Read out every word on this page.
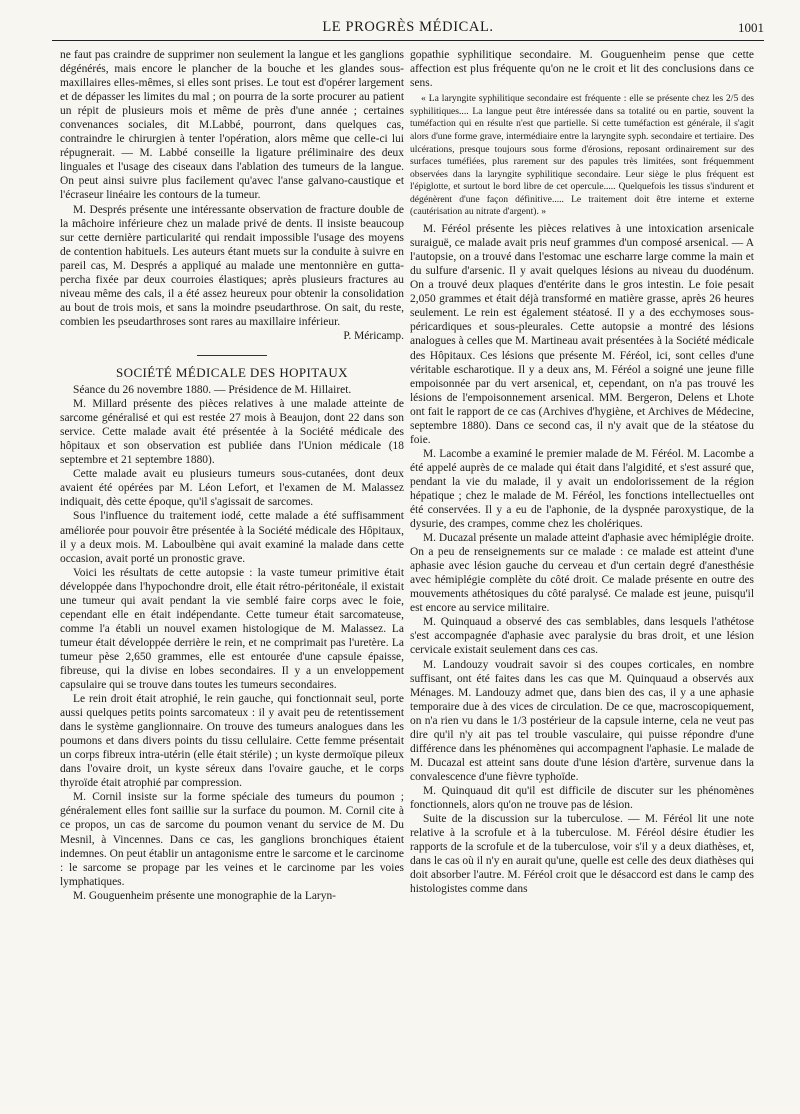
LE PROGRÈS MÉDICAL.	1001

ne faut pas craindre de supprimer non seulement la langue et les ganglions dégénérés, mais encore le plancher de la bouche et les glandes sous-maxillaires elles-mêmes, si elles sont prises. Le tout est d'opérer largement et de dépasser les limites du mal ; on pourra de la sorte procurer au patient un répit de plusieurs mois et même de près d'une année ; certaines convenances sociales, dit M.Labbé, pourront, dans quelques cas, contraindre le chirurgien à tenter l'opération, alors même que celle-ci lui répugnerait. — M. Labbé conseille la ligature préliminaire des deux linguales et l'usage des ciseaux dans l'ablation des tumeurs de la langue. On peut ainsi suivre plus facilement qu'avec l'anse galvano-caustique et l'écraseur linéaire les contours de la tumeur.

M. Després présente une intéressante observation de fracture double de la mâchoire inférieure chez un malade privé de dents. Il insiste beaucoup sur cette dernière particularité qui rendait impossible l'usage des moyens de contention habituels. Les auteurs étant muets sur la conduite à suivre en pareil cas, M. Després a appliqué au malade une mentonnière en gutta-percha fixée par deux courroies élastiques; après plusieurs fractures au niveau même des cals, il a été assez heureux pour obtenir la consolidation au bout de trois mois, et sans la moindre pseudarthrose. On sait, du reste, combien les pseudarthroses sont rares au maxillaire inférieur.

P. Méricamp.

SOCIÉTÉ MÉDICALE DES HOPITAUX

Séance du 26 novembre 1880. — Présidence de M. Hillairet.

M. Millard présente des pièces relatives à une malade atteinte de sarcome généralisé et qui est restée 27 mois à Beaujon, dont 22 dans son service. Cette malade avait été présentée à la Société médicale des hôpitaux et son observation est publiée dans l'Union médicale (18 septembre et 21 septembre 1880).

Cette malade avait eu plusieurs tumeurs sous-cutanées, dont deux avaient été opérées par M. Léon Lefort, et l'examen de M. Malassez indiquait, dès cette époque, qu'il s'agissait de sarcomes.

Sous l'influence du traitement iodé, cette malade a été suffisamment améliorée pour pouvoir être présentée à la Société médicale des Hôpitaux, il y a deux mois. M. Laboulbène qui avait examiné la malade dans cette occasion, avait porté un pronostic grave.

Voici les résultats de cette autopsie : la vaste tumeur primitive était développée dans l'hypochondre droit, elle était rétro-péritonéale, il existait une tumeur qui avait pendant la vie semblé faire corps avec le foie, cependant elle en était indépendante. Cette tumeur était sarcomateuse, comme l'a établi un nouvel examen histologique de M. Malassez. La tumeur était développée derrière le rein, et ne comprimait pas l'uretère. La tumeur pèse 2,650 grammes, elle est entourée d'une capsule épaisse, fibreuse, qui la divise en lobes secondaires. Il y a un enveloppement capsulaire qui se trouve dans toutes les tumeurs secondaires.

Le rein droit était atrophié, le rein gauche, qui fonctionnait seul, porte aussi quelques petits points sarcomateux : il y avait peu de retentissement dans le système ganglionnaire. On trouve des tumeurs analogues dans les poumons et dans divers points du tissu cellulaire. Cette femme présentait un corps fibreux intra-utérin (elle était stérile) ; un kyste dermoïque pileux dans l'ovaire droit, un kyste séreux dans l'ovaire gauche, et le corps thyroïde était atrophié par compression.

M. Cornil insiste sur la forme spéciale des tumeurs du poumon ; généralement elles font saillie sur la surface du poumon. M. Cornil cite à ce propos, un cas de sarcome du poumon venant du service de M. Du Mesnil, à Vincennes. Dans ce cas, les ganglions bronchiques étaient indemnes. On peut établir un antagonisme entre le sarcome et le carcinome : le sarcome se propage par les veines et le carcinome par les voies lymphatiques.

M. Gouguenheim présente une monographie de la Laryn-

gopathie syphilitique secondaire. M. Gouguenheim pense que cette affection est plus fréquente qu'on ne le croit et lit des conclusions dans ce sens.

« La laryngite syphilitique secondaire est fréquente : elle se présente chez les 2/5 des syphilitiques.... La langue peut être intéressée dans sa totalité ou en partie, souvent la tuméfaction qui en résulte n'est que partielle. Si cette tuméfaction est générale, il s'agit alors d'une forme grave, intermédiaire entre la laryngite syph. secondaire et tertiaire. Des ulcérations, presque toujours sous forme d'érosions, reposant ordinairement sur des surfaces tuméfiées, plus rarement sur des papules très limitées, sont fréquemment observées dans la laryngite syphilitique secondaire. Leur siège le plus fréquent est l'épiglotte, et surtout le bord libre de cet opercule..... Quelquefois les tissus s'indurent et dégénèrent d'une façon définitive..... Le traitement doit être interne et externe (cautérisation au nitrate d'argent). »

M. Féréol présente les pièces relatives à une intoxication arsenicale suraiguë, ce malade avait pris neuf grammes d'un composé arsenical. — A l'autopsie, on a trouvé dans l'estomac une escharre large comme la main et du sulfure d'arsenic. Il y avait quelques lésions au niveau du duodénum. On a trouvé deux plaques d'entérite dans le gros intestin. Le foie pesait 2,050 grammes et était déjà transformé en matière grasse, après 26 heures seulement. Le rein est également stéatosé. Il y a des ecchymoses sous-péricardiques et sous-pleurales. Cette autopsie a montré des lésions analogues à celles que M. Martineau avait présentées à la Société médicale des Hôpitaux. Ces lésions que présente M. Féréol, ici, sont celles d'une véritable escharotique. Il y a deux ans, M. Féréol a soigné une jeune fille empoisonnée par du vert arsenical, et, cependant, on n'a pas trouvé les lésions de l'empoisonnement arsenical. MM. Bergeron, Delens et Lhote ont fait le rapport de ce cas (Archives d'hygiène, et Archives de Médecine, septembre 1880). Dans ce second cas, il n'y avait que de la stéatose du foie.

M. Lacombe a examiné le premier malade de M. Féréol. M. Lacombe a été appelé auprès de ce malade qui était dans l'algidité, et s'est assuré que, pendant la vie du malade, il y avait un endolorissement de la région hépatique ; chez le malade de M. Féréol, les fonctions intellectuelles ont été conservées. Il y a eu de l'aphonie, de la dyspnée paroxystique, de la dysurie, des crampes, comme chez les cholériques.

M. Ducazal présente un malade atteint d'aphasie avec hémiplégie droite. On a peu de renseignements sur ce malade : ce malade est atteint d'une aphasie avec lésion gauche du cerveau et d'un certain degré d'anesthésie avec hémiplégie complète du côté droit. Ce malade présente en outre des mouvements athétosiques du côté paralysé. Ce malade est jeune, puisqu'il est encore au service militaire.

M. Quinquaud a observé des cas semblables, dans lesquels l'athétose s'est accompagnée d'aphasie avec paralysie du bras droit, et une lésion cervicale existait seulement dans ces cas.

M. Landouzy voudrait savoir si des coupes corticales, en nombre suffisant, ont été faites dans les cas que M. Quinquaud a observés aux Ménages. M. Landouzy admet que, dans bien des cas, il y a une aphasie temporaire due à des vices de circulation. De ce que, macroscopiquement, on n'a rien vu dans le 1/3 postérieur de la capsule interne, cela ne veut pas dire qu'il n'y ait pas tel trouble vasculaire, qui puisse répondre d'une différence dans les phénomènes qui accompagnent l'aphasie. Le malade de M. Ducazal est atteint sans doute d'une lésion d'artère, survenue dans la convalescence d'une fièvre typhoïde.

M. Quinquaud dit qu'il est difficile de discuter sur les phénomènes fonctionnels, alors qu'on ne trouve pas de lésion.

Suite de la discussion sur la tuberculose. — M. Féréol lit une note relative à la scrofule et à la tuberculose. M. Féréol désire étudier les rapports de la scrofule et de la tuberculose, voir s'il y a deux diathèses, et, dans le cas où il n'y en aurait qu'une, quelle est celle des deux diathèses qui doit absorber l'autre. M. Féréol croit que le désaccord est dans le camp des histologistes comme dans
